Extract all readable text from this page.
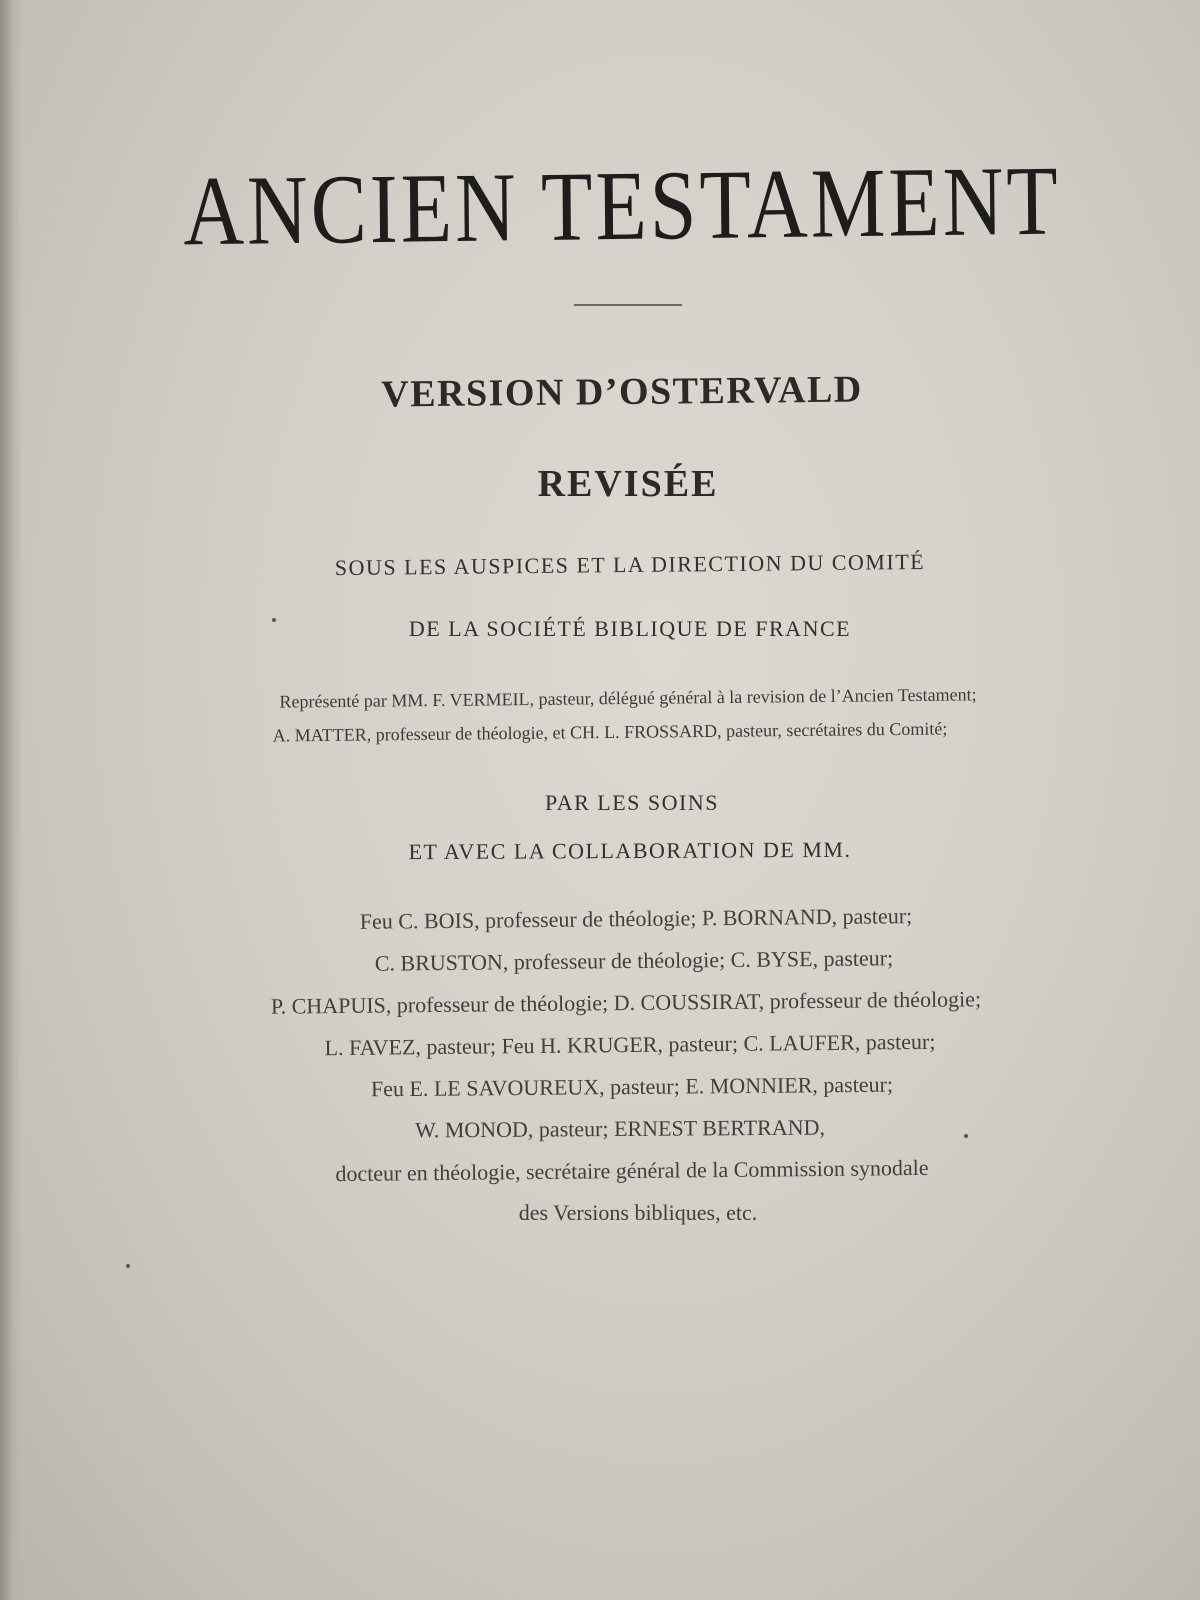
ANCIEN TESTAMENT
VERSION D’OSTERVALD
REVISÉE

SOUS LES AUSPICES ET LA DIRECTION DU COMITÉ

DE LA SOCIÉTÉ BIBLIQUE DE FRANCE

Représenté par MM. F. VERMEIL, pasteur, délégué général à la revision de l’Ancien Testament;

A. MATTER, professeur de théologie, et CH. L. FROSSARD, pasteur, secrétaires du Comité;

PAR LES SOINS

ET AVEC LA COLLABORATION DE MM.

Feu C. BOIS, professeur de théologie; P. BORNAND, pasteur;

C. BRUSTON, professeur de théologie; C. BYSE, pasteur;

P. CHAPUIS, professeur de théologie; D. COUSSIRAT, professeur de théologie;

L. FAVEZ, pasteur; Feu H. KRUGER, pasteur; C. LAUFER, pasteur;

Feu E. LE SAVOUREUX, pasteur; E. MONNIER, pasteur;

W. MONOD, pasteur; ERNEST BERTRAND,

docteur en théologie, secrétaire général de la Commission synodale

des Versions bibliques, etc.
